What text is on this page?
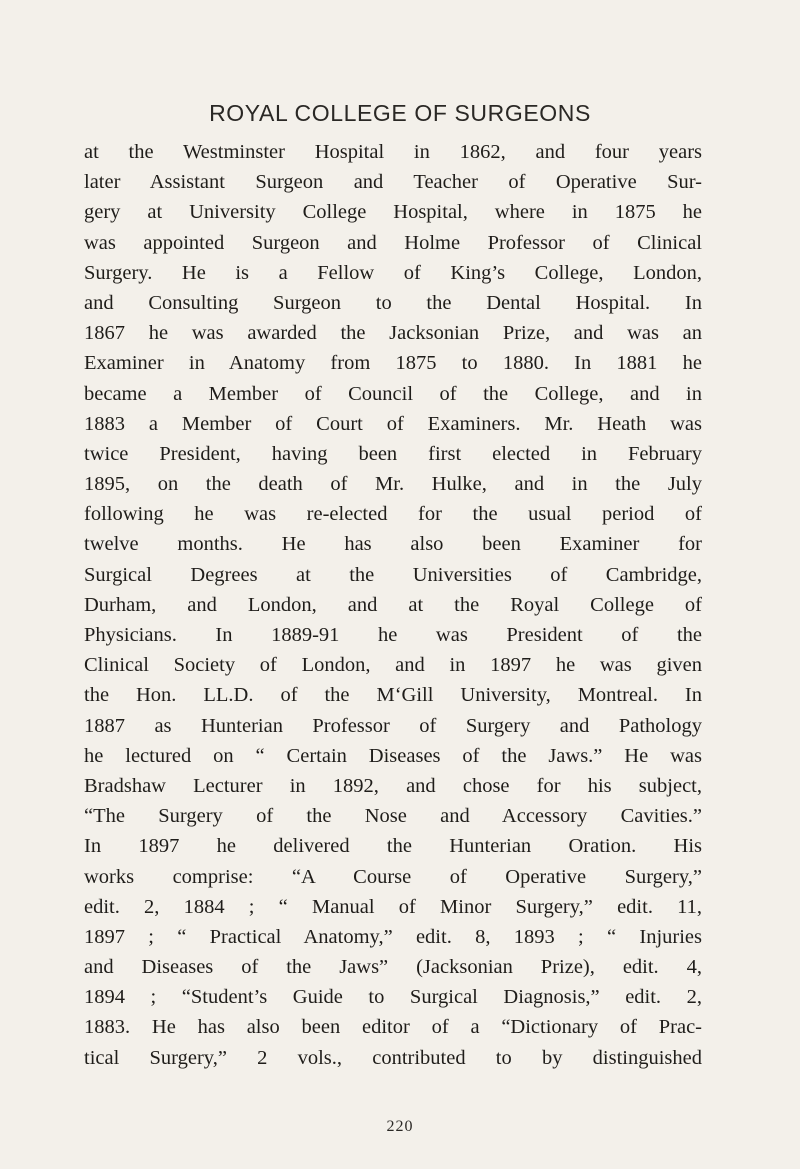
ROYAL COLLEGE OF SURGEONS
at the Westminster Hospital in 1862, and four years
later Assistant Surgeon and Teacher of Operative Sur-
gery at University College Hospital, where in 1875 he
was appointed Surgeon and Holme Professor of Clinical
Surgery. He is a Fellow of King’s College, London,
and Consulting Surgeon to the Dental Hospital. In
1867 he was awarded the Jacksonian Prize, and was an
Examiner in Anatomy from 1875 to 1880. In 1881 he
became a Member of Council of the College, and in
1883 a Member of Court of Examiners. Mr. Heath was
twice President, having been first elected in February
1895, on the death of Mr. Hulke, and in the July
following he was re-elected for the usual period of
twelve months. He has also been Examiner for
Surgical Degrees at the Universities of Cambridge,
Durham, and London, and at the Royal College of
Physicians. In 1889-91 he was President of the
Clinical Society of London, and in 1897 he was given
the Hon. LL.D. of the M‘Gill University, Montreal. In
1887 as Hunterian Professor of Surgery and Pathology
he lectured on “ Certain Diseases of the Jaws.” He was
Bradshaw Lecturer in 1892, and chose for his subject,
“The Surgery of the Nose and Accessory Cavities.”
In 1897 he delivered the Hunterian Oration. His
works comprise: “A Course of Operative Surgery,”
edit. 2, 1884 ; “ Manual of Minor Surgery,” edit. 11,
1897 ; “ Practical Anatomy,” edit. 8, 1893 ; “ Injuries
and Diseases of the Jaws” (Jacksonian Prize), edit. 4,
1894 ; “Student’s Guide to Surgical Diagnosis,” edit. 2,
1883. He has also been editor of a “Dictionary of Prac-
tical Surgery,” 2 vols., contributed to by distinguished
220
